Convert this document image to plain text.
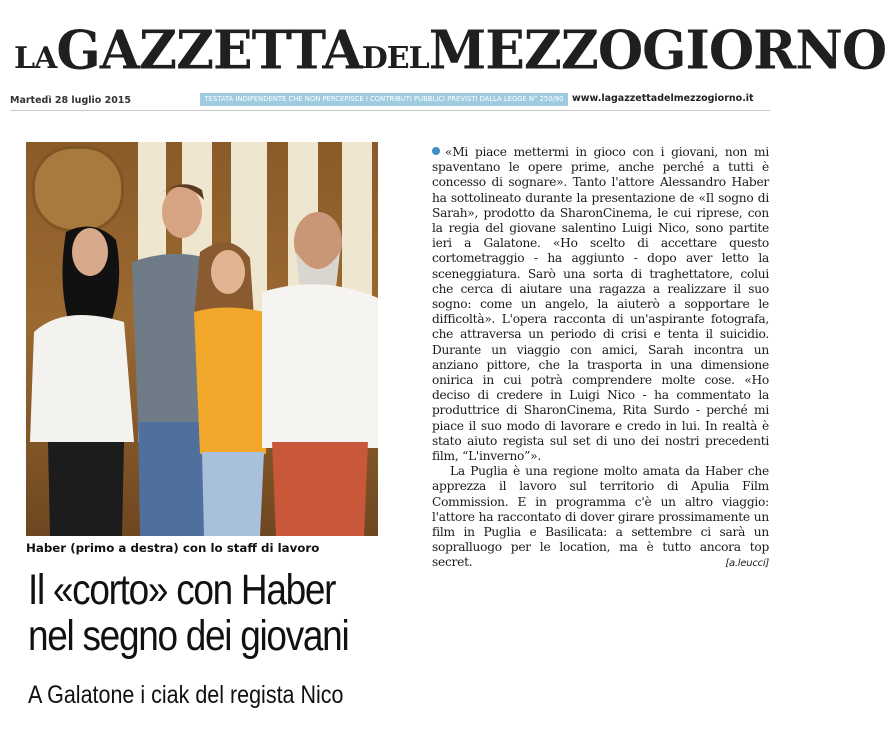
LAGAZZETTADELMEZZOGIORNO
Martedì 28 luglio 2015	TESTATA INDIPENDENTE CHE NON PERCEPISCE I CONTRIBUTI PUBBLICI PREVISTI DALLA LEGGE N° 250/90 www.lagazzettadelmezzogiorno.it
Haber (primo a destra) con lo staff di lavoro
Il «corto» con Haber
nel segno dei giovani
A Galatone i ciak del regista Nico

«Mi piace mettermi in gioco con i giovani, non mi spaventano le opere prime, anche perché a tutti è concesso di sognare». Tanto l'attore Alessandro Haber ha sottolineato durante la presentazione de «Il sogno di Sarah», prodotto da SharonCinema, le cui riprese, con la regia del giovane salentino Luigi Nico, sono partite ieri a Galatone. «Ho scelto di accettare questo cortometraggio - ha aggiunto - dopo aver letto la sceneggiatura. Sarò una sorta di traghettatore, colui che cerca di aiutare una ragazza a realizzare il suo sogno: come un angelo, la aiuterò a sopportare le difficoltà». L'opera racconta di un'aspirante fotografa, che attraversa un periodo di crisi e tenta il suicidio. Durante un viaggio con amici, Sarah incontra un anziano pittore, che la trasporta in una dimensione onirica in cui potrà comprendere molte cose. «Ho deciso di credere in Luigi Nico - ha commentato la produttrice di SharonCinema, Rita Surdo - perché mi piace il suo modo di lavorare e credo in lui. In realtà è stato aiuto regista sul set di uno dei nostri precedenti film, “L'inverno”».

La Puglia è una regione molto amata da Haber che apprezza il lavoro sul territorio di Apulia Film Commission. E in programma c'è un altro viaggio: l'attore ha raccontato di dover girare prossimamente un film in Puglia e Basilicata: a settembre ci sarà un sopralluogo per le location, ma è tutto ancora top secret.	[a.leucci]
